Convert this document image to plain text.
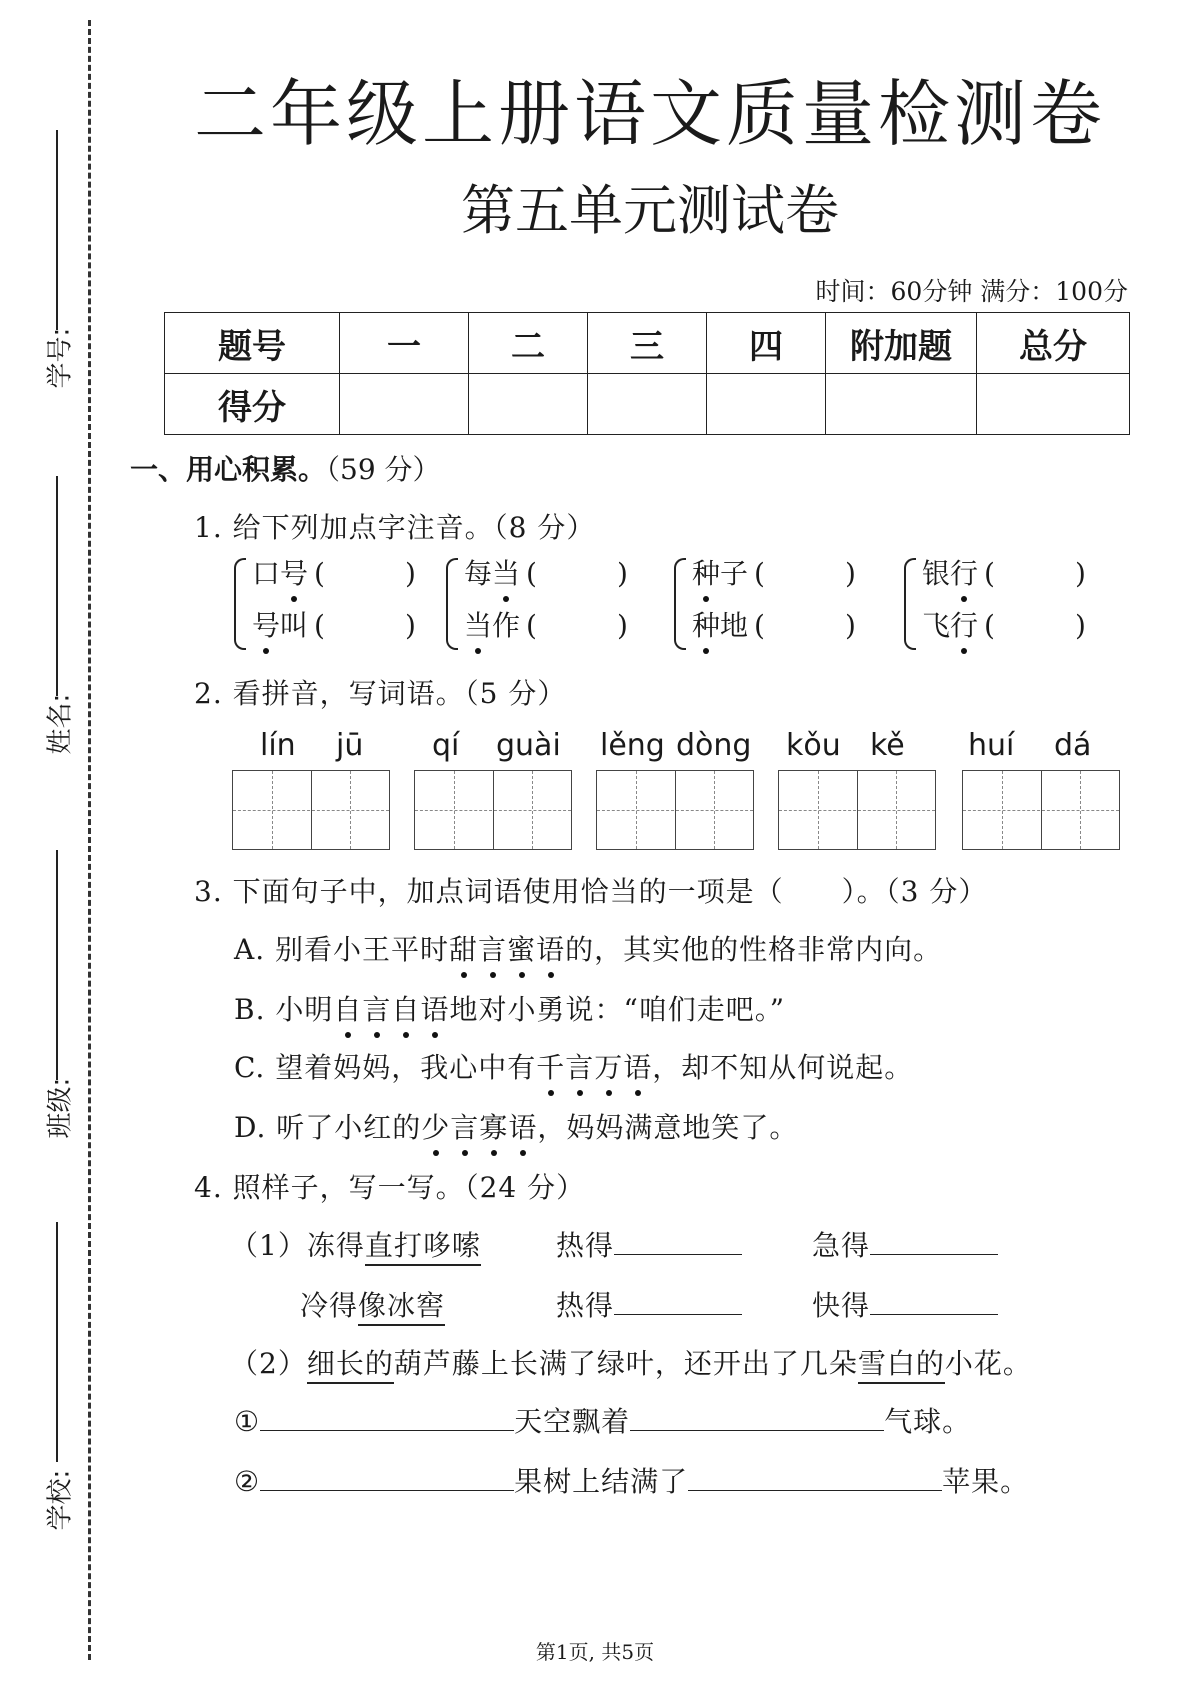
学号:
姓名:
班级:
学校:
二年级上册语文质量检测卷
第五单元测试卷
时间：60分钟 满分：100分
题号	一	二	三	四	附加题	总分
得分						
一、用心积累。（59 分）
1. 给下列加点字注音。（8 分）
口号 (	)
号叫 (	)
每当 (	)
当作 (	)
种子 (	)
种地 (	)
银行 (	)
飞行 (	)
2. 看拼音，写词语。（5 分）
lín jū qí guài lěng dòng kǒu kě huí dá
3. 下面句子中，加点词语使用恰当的一项是（　　）。（3 分）
A. 别看小王平时甜言蜜语的，其实他的性格非常内向。
B. 小明自言自语地对小勇说：“咱们走吧。”
C. 望着妈妈，我心中有千言万语，却不知从何说起。
D. 听了小红的少言寡语，妈妈满意地笑了。
4. 照样子，写一写。（24 分）
（1）冻得直打哆嗦	热得	急得
冷得像冰窖	热得	快得
（2）细长的葫芦藤上长满了绿叶，还开出了几朵雪白的小花。
①	天空飘着	气球。
②	果树上结满了	苹果。
第1页, 共5页
